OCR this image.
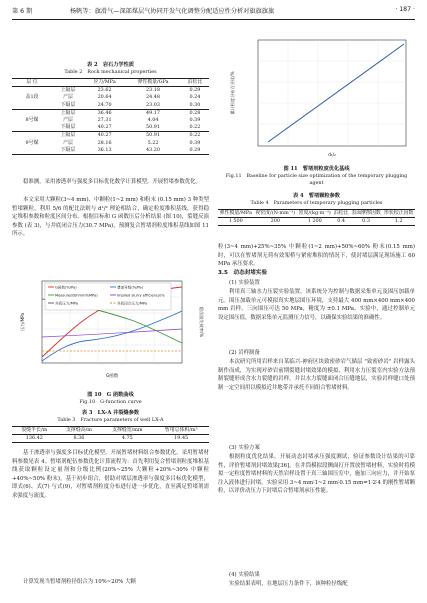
第 6 期	杨帆等：旗滑气—深部煤层气协同开发气化调整分配适应性分析对旗旗旗旗	· 187 ·
表 2　岩石力学性质
Table 2　Rock mechanical properties
层 位		应力/MPa	弹性模量/GPa	泊松比
盖1段	上隔层	23.62	23.18	0.29
	产层	20.64	24.48	0.24
	下隔层	24.70	23.03	0.30
8号煤	上隔层	36.46	49.17	0.28
	产层	27.31	4.04	0.39
	下隔层	40.27	50.91	0.22
9号煤	上隔层	40.27	50.91	0.22
	产层	28.16	5.22	0.39
	下隔层	36.13	43.20	0.29
稳准测，采用渗透率与强度多目标优化数学计算模型，开展暂堵参数优化。
本文采用大颗粒(3~4 mm)、中颗粒(1~2 mm) 和粉末 (0.15 mm) 3 种类型暂堵颗粒，利用 5/6 的配比法则与 d¹/² 理论相结合，确定粒度堆积基线，获得稳定堆积参数和粒度区间分布。根据目标和 G 函数压后分析结果 (图 10)，裂缝反演参数 (表 3)，与井底闭合压力(30.7 MPa)，预测复合暂堵剂粒度堆积基线如图 11 所示。
G函数(%/Pa)	叠加导数(%/Pa)
Measured(bhmm%MPa)	Implied slurry efficiency/%
井底压力/MPa	井底闭合压力/MPa
G函数
压力/MPa	隐含滤失效率/%
图 10　G 函数曲线
Fig.10　G-function curve
表 3　LX-A 井裂缝参数
Table 3　Fracture parameters of well LX-A
裂缝半长/m	支撑缝高/m	支撑缝宽/mm	暂堵总体积/m³
136.42	8.36	4.75	19.45
基于渗透率与强度多目标优化模型，开展暂堵材料组合参数优化。采用暂堵材料参数见表 4。暂堵剂配伍参数优化计算流程为：首先利用复合暂堵剂粒度堆积基线获取颗粒设定量剂和分级比例(20%~25% 大颗粒+20%~30% 中颗粒+40%~50% 粉末)，基于初步组合，借助对堵层渗透率与强度多目标优化模型，即式(6)、式(7) 与式(9)，对暂堵剂粒度分布进行进一步优化，直至满足暂堵剂需求强度与流度。
计算发现当暂堵剂粒径组合为 10%~20% 大颗
累计粒度分布百分比/%
d₁/₂
图 11　暂堵剂粒度优化基线
Fig.11　Baseline for particle size optimization of the temporary plugging agent
表 4　暂堵颗粒参数
Table 4　Parameters of temporary plugging particles
弹性模量/MPa	视密度/(N·mm⁻³)	密度/(kg·m⁻³)	泊松比	表面摩擦因数	形状校正因数
1 500	200	1 200	0.4	0.3	1.2
粒(3~4 mm)+25%~35% 中颗粒(1~2 mm)+50%~60% 粉末(0.15 mm) 时，可以在暂堵剂无荷有效架桥与紧密堆积的情况下，使封堵层满足现场施工 60 MPa 承压要求。
3.5　动态封堵实验
(1) 实验装置
利用真三轴水力压裂实验装置，该系统分为控制与数据采集单元及围压加载单元。围压加载单元可模拟真实地层围压环境，支持最大 400 mm×400 mm×400 mm 岩样，三向围压可达 50 MPa，精度为 ±0.1 MPa。实验中，通过控制单元设定围压值，数据采集单元监测压力信号，以确保实验结果的准确性。
(2) 岩样制备
本次研究所用岩样来自某临兴-神府区块致密砂岩气储层 "致密砂岩" 岩样露头制作而成，为实现对砂岩前期裂缝封堵效果的模拟，利用水力压裂室内实验方法预制裂缝形成含水力裂缝的岩样，并以水力裂缝面闭合压缝地层，实验岩样缝口处预制一定空间用以模拟近井地带并承托不同组合暂堵材料。
(3) 实验方案
根据粒度优化结果，开展动态封堵承压强度测试，验证参数设计结果的可靠性，评价暂堵剂封堵效果[36]。在井筒模拟段侧面打开置放暂堵材料，实验时将模拟一定粒度暂堵材料的天然岩样设置于真三轴围压室中，施加三向应力，并开始泵注入液体进行封堵，实验采用 3~4 mm∶1~2 mm∶0.15 mm=1∶2∶4 的刚性暂堵颗粒，以评价动压力下封堵后合暂堵剂承压性能。
(4) 实验结果
实验结果表明，在地层压力条件下，该种粒径级配
